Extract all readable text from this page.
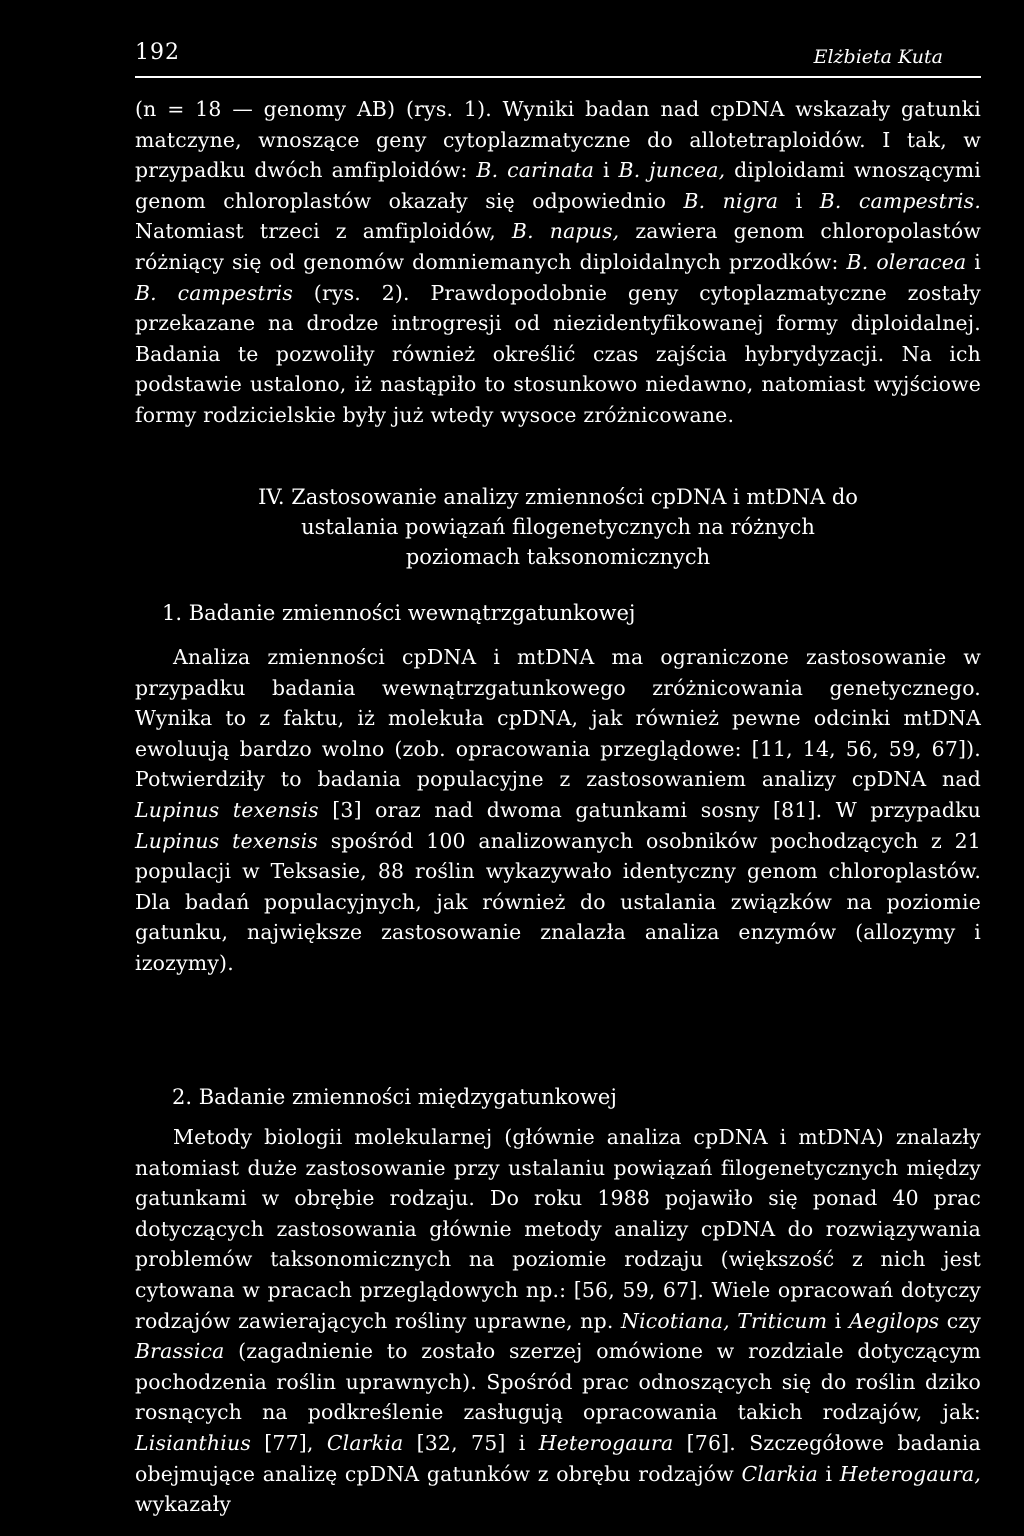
192	Elżbieta Kuta

(n = 18 — genomy AB) (rys. 1). Wyniki badan nad cpDNA wskazały gatunki matczyne, wnoszące geny cytoplazmatyczne do allotetraploidów. I tak, w przypadku dwóch amfiploidów: B. carinata i B. juncea, diploidami wnoszącymi genom chloroplastów okazały się odpowiednio B. nigra i B. campestris. Natomiast trzeci z amfiploidów, B. napus, zawiera genom chloropolastów różniący się od genomów domniemanych diploidalnych przodków: B. oleracea i B. campestris (rys. 2). Prawdopodobnie geny cytoplazmatyczne zostały przekazane na drodze introgresji od niezidentyfikowanej formy diploidalnej. Badania te pozwoliły również określić czas zajścia hybrydyzacji. Na ich podstawie ustalono, iż nastąpiło to stosunkowo niedawno, natomiast wyjściowe formy rodzicielskie były już wtedy wysoce zróżnicowane.

IV. Zastosowanie analizy zmienności cpDNA i mtDNA do
ustalania powiązań filogenetycznych na różnych
poziomach taksonomicznych
1. Badanie zmienności wewnątrzgatunkowej

Analiza zmienności cpDNA i mtDNA ma ograniczone zastosowanie w przypadku badania wewnątrzgatunkowego zróżnicowania genetycznego. Wynika to z faktu, iż molekuła cpDNA, jak również pewne odcinki mtDNA ewoluują bardzo wolno (zob. opracowania przeglądowe: [11, 14, 56, 59, 67]). Potwierdziły to badania populacyjne z zastosowaniem analizy cpDNA nad Lupinus texensis [3] oraz nad dwoma gatunkami sosny [81]. W przypadku Lupinus texensis spośród 100 analizowanych osobników pochodzących z 21 populacji w Teksasie, 88 roślin wykazywało identyczny genom chloroplastów. Dla badań populacyjnych, jak również do ustalania związków na poziomie gatunku, największe zastosowanie znalazła analiza enzymów (allozymy i izozymy).

2. Badanie zmienności międzygatunkowej

Metody biologii molekularnej (głównie analiza cpDNA i mtDNA) znalazły natomiast duże zastosowanie przy ustalaniu powiązań filogenetycznych między gatunkami w obrębie rodzaju. Do roku 1988 pojawiło się ponad 40 prac dotyczących zastosowania głównie metody analizy cpDNA do rozwiązywania problemów taksonomicznych na poziomie rodzaju (większość z nich jest cytowana w pracach przeglądowych np.: [56, 59, 67]. Wiele opracowań dotyczy rodzajów zawierających rośliny uprawne, np. Nicotiana, Triticum i Aegilops czy Brassica (zagadnienie to zostało szerzej omówione w rozdziale dotyczącym pochodzenia roślin uprawnych). Spośród prac odnoszących się do roślin dziko rosnących na podkreślenie zasługują opracowania takich rodzajów, jak: Lisianthius [77], Clarkia [32, 75] i Heterogaura [76]. Szczegółowe badania obejmujące analizę cpDNA gatunków z obrębu rodzajów Clarkia i Heterogaura, wykazały
